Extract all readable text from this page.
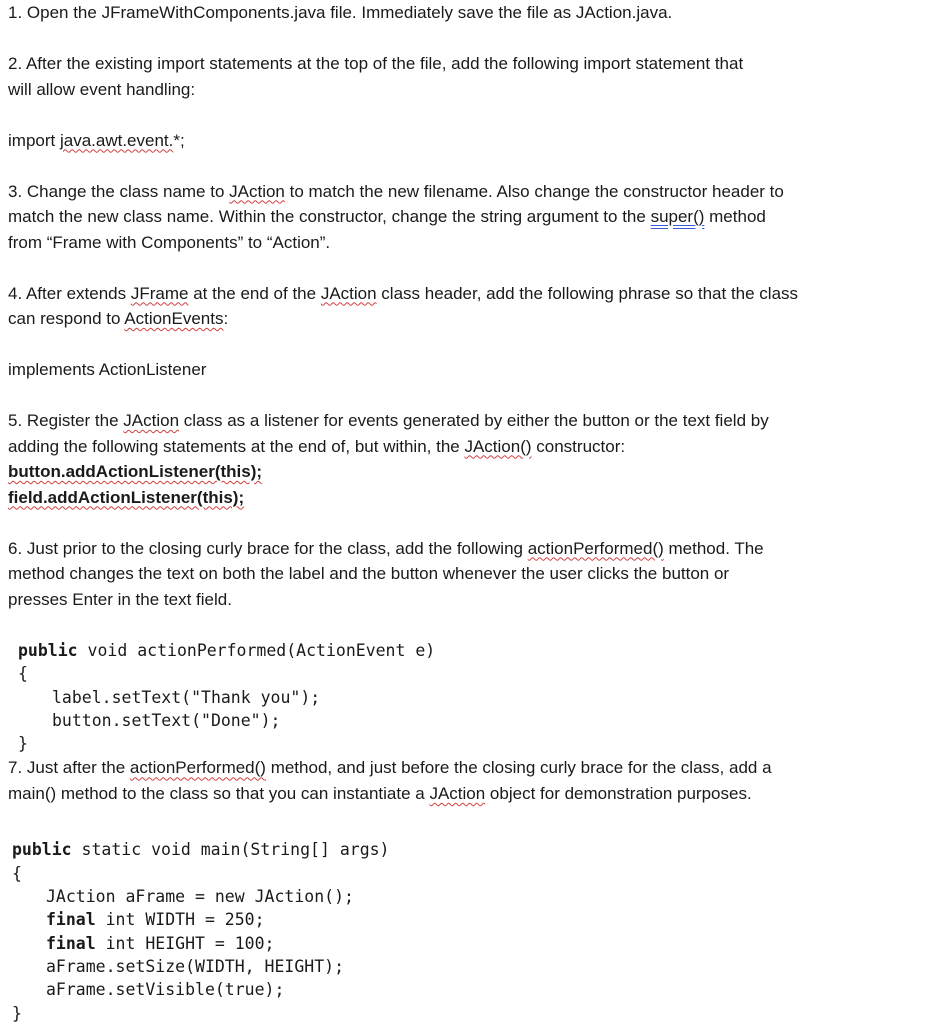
1. Open the JFrameWithComponents.java file. Immediately save the file as JAction.java.

2. After the existing import statements at the top of the file, add the following import statement that

will allow event handling:

import java.awt.event.*;

3. Change the class name to JAction to match the new filename. Also change the constructor header to

match the new class name. Within the constructor, change the string argument to the super() method

from “Frame with Components” to “Action”.

4. After extends JFrame at the end of the JAction class header, add the following phrase so that the class

can respond to ActionEvents:

implements ActionListener

5. Register the JAction class as a listener for events generated by either the button or the text field by

adding the following statements at the end of, but within, the JAction() constructor:

button.addActionListener(this);

field.addActionListener(this);

6. Just prior to the closing curly brace for the class, add the following actionPerformed() method. The

method changes the text on both the label and the button whenever the user clicks the button or

presses Enter in the text field.

public void actionPerformed(ActionEvent e)

{

label.setText("Thank you");

button.setText("Done");

}

7. Just after the actionPerformed() method, and just before the closing curly brace for the class, add a

main() method to the class so that you can instantiate a JAction object for demonstration purposes.

public static void main(String[] args)

{

JAction aFrame = new JAction();

final int WIDTH = 250;

final int HEIGHT = 100;

aFrame.setSize(WIDTH, HEIGHT);

aFrame.setVisible(true);

}
